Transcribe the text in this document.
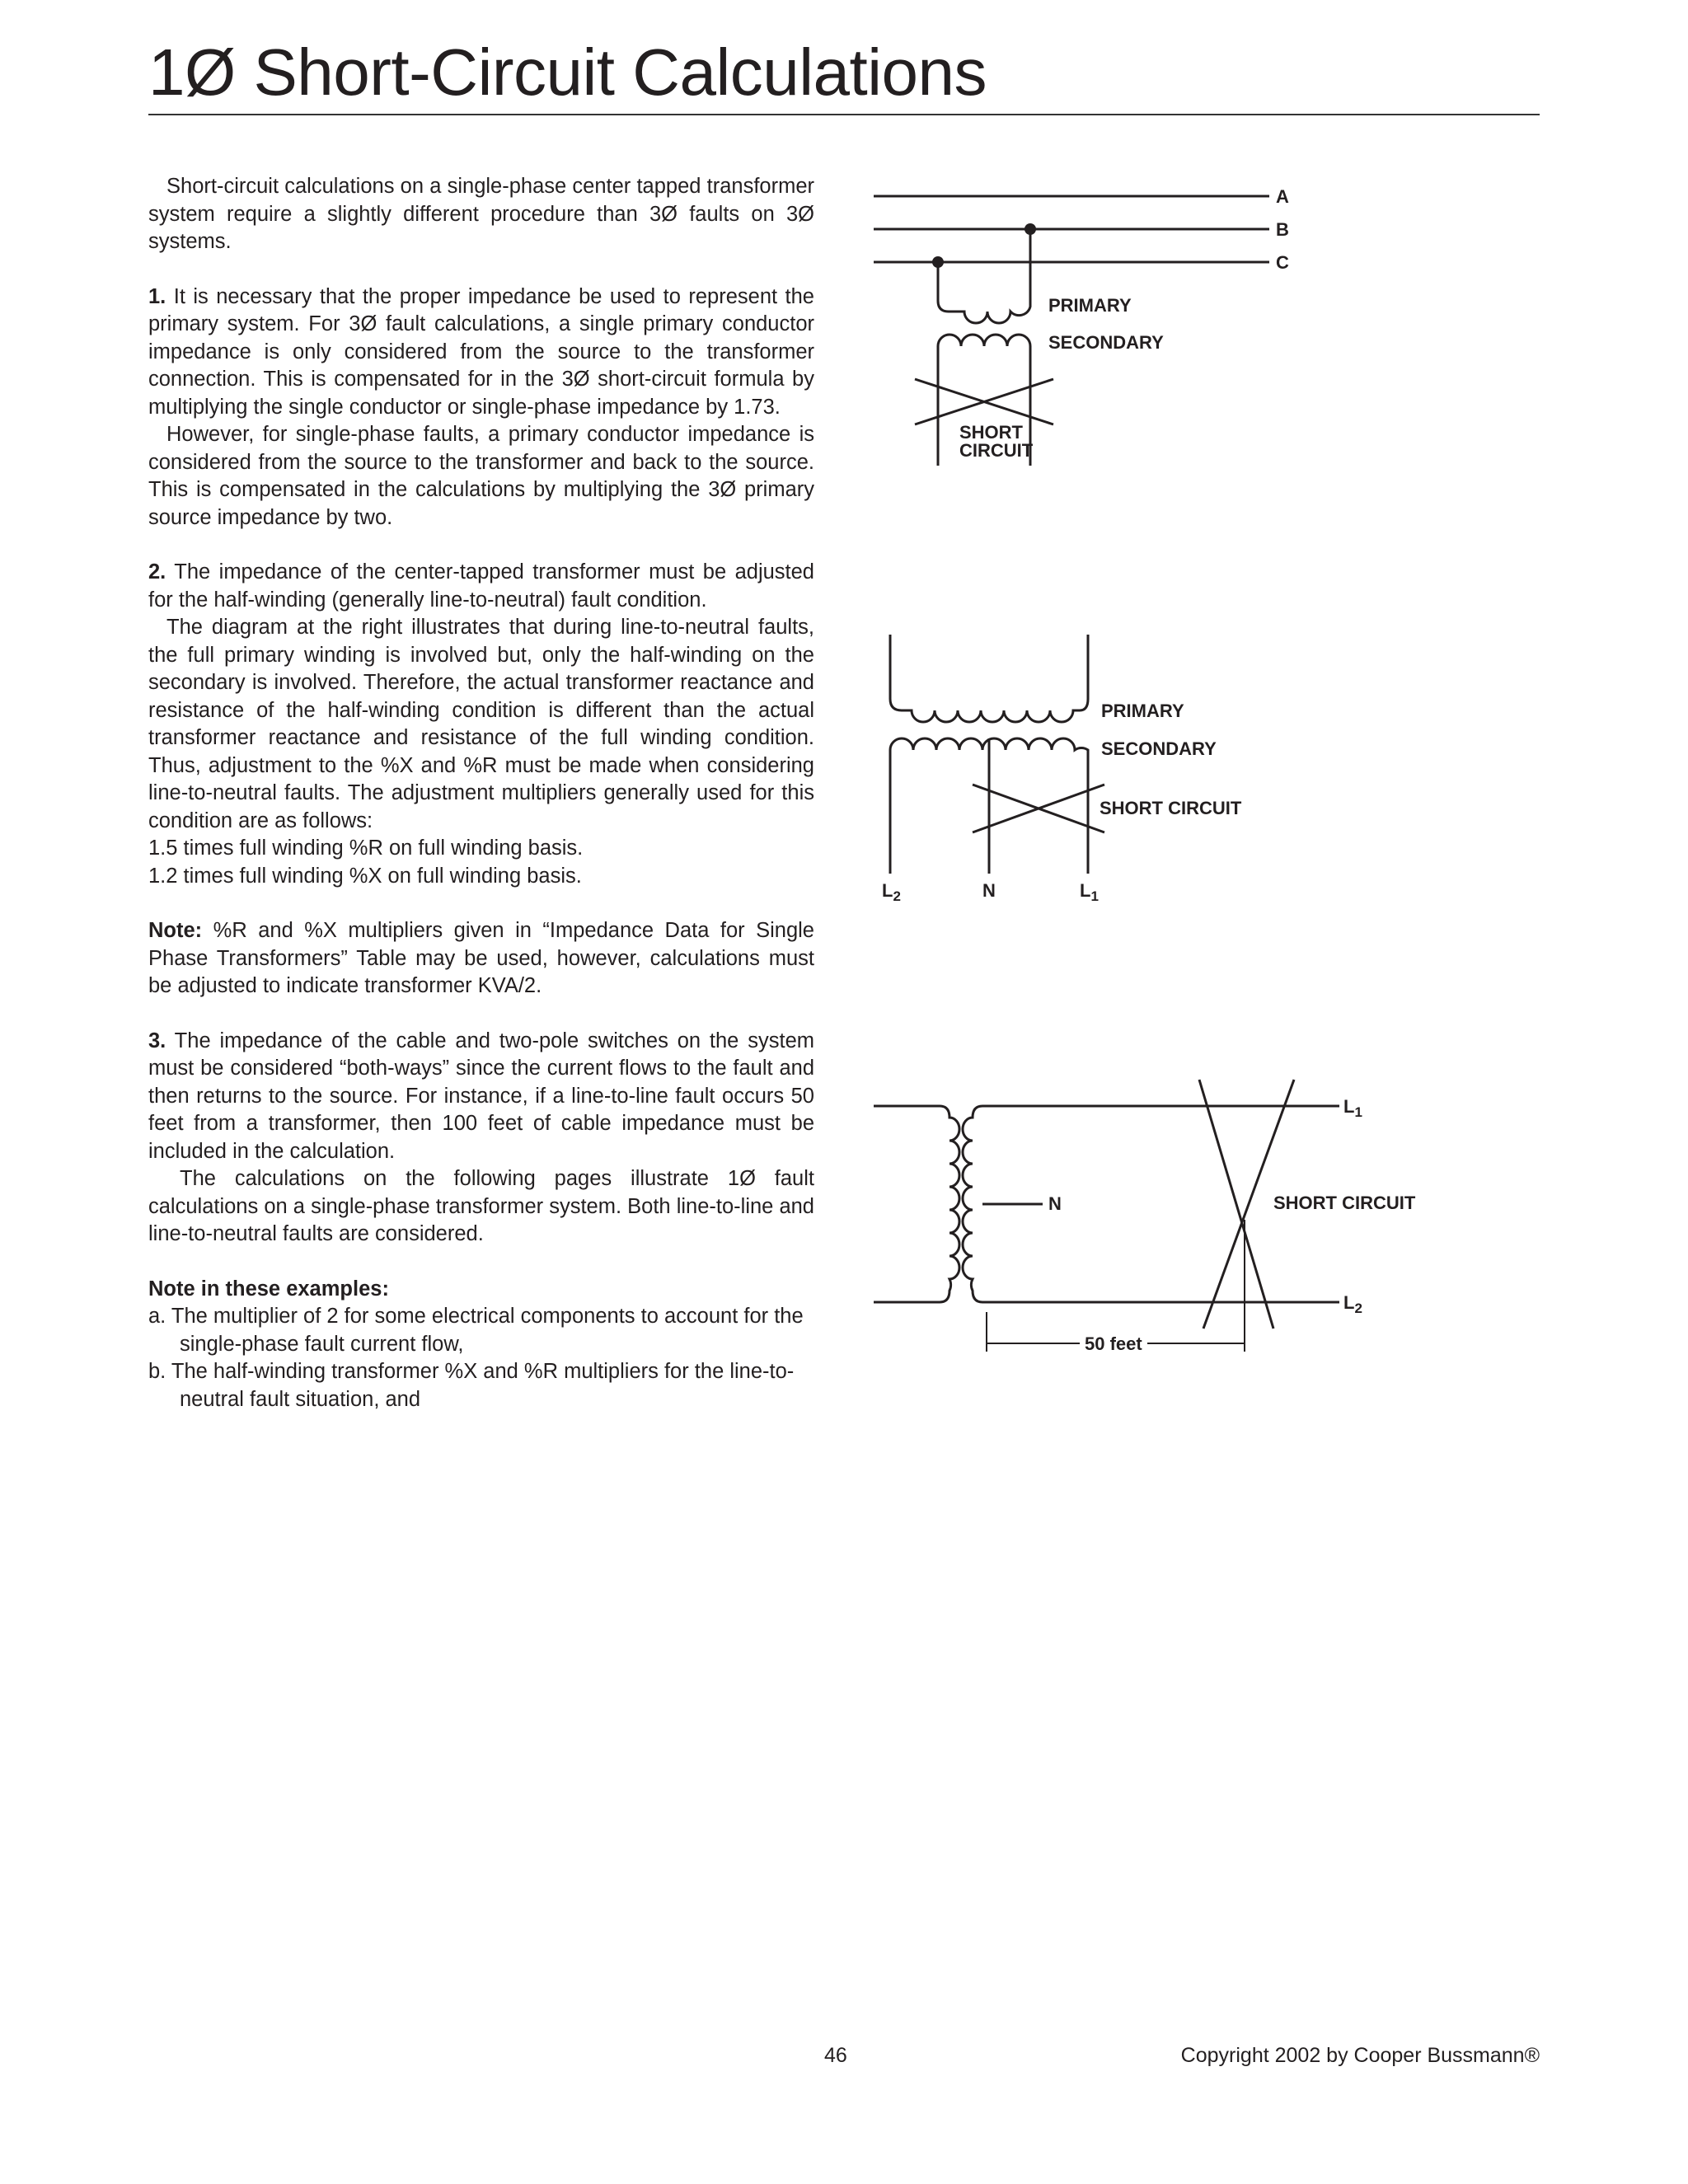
1Ø Short-Circuit Calculations

Short-circuit calculations on a single-phase center tapped transformer system require a slightly different procedure than 3Ø faults on 3Ø systems.

1. It is necessary that the proper impedance be used to represent the primary system. For 3Ø fault calculations, a single primary conductor impedance is only considered from the source to the transformer connection. This is compensated for in the 3Ø short-circuit formula by multiplying the single conductor or single-phase impedance by 1.73.

However, for single-phase faults, a primary conductor impedance is considered from the source to the transformer and back to the source. This is compensated in the calculations by multiplying the 3Ø primary source impedance by two.

2. The impedance of the center-tapped transformer must be adjusted for the half-winding (generally line-to-neutral) fault condition.

The diagram at the right illustrates that during line-to-neutral faults, the full primary winding is involved but, only the half-winding on the secondary is involved. Therefore, the actual transformer reactance and resistance of the half-winding condition is different than the actual transformer reactance and resistance of the full winding condition. Thus, adjustment to the %X and %R must be made when considering line-to-neutral faults. The adjustment multipliers generally used for this condition are as follows:

1.5 times full winding %R on full winding basis.

1.2 times full winding %X on full winding basis.

Note: %R and %X multipliers given in “Impedance Data for Single Phase Transformers” Table may be used, however, calculations must be adjusted to indicate transformer KVA/2.

3. The impedance of the cable and two-pole switches on the system must be considered “both-ways” since the current flows to the fault and then returns to the source. For instance, if a line-to-line fault occurs 50 feet from a transformer, then 100 feet of cable impedance must be included in the calculation.

The calculations on the following pages illustrate 1Ø fault calculations on a single-phase transformer system. Both line-to-line and line-to-neutral faults are considered.

Note in these examples:

a. The multiplier of 2 for some electrical components to account for the single-phase fault current flow,

b. The half-winding transformer %X and %R multipliers for the line-to-neutral fault situation, and

A
B
C
PRIMARY
SECONDARY
SHORT
CIRCUIT
PRIMARY
SECONDARY
SHORT CIRCUIT
$L_2$	N	$L_1$
$L_1$
N	SHORT CIRCUIT
$L_2$
50 feet
46	Copyright 2002 by Cooper Bussmann®
